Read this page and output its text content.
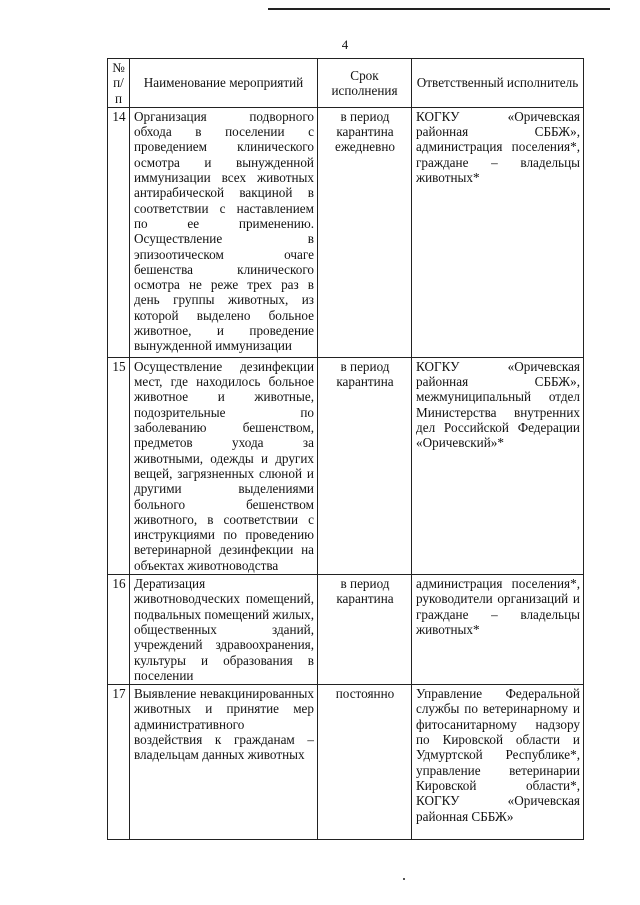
4
№ п/п	Наименование мероприятий	Срок исполнения	Ответственный исполнитель
14	Организация подворного обхода в поселении с проведением клинического осмотра и вынужденной иммунизации всех животных антирабической вакциной в соответствии с наставлением по ее применению. Осуществление в эпизоотическом очаге бешенства клинического осмотра не реже трех раз в день группы животных, из которой выделено больное животное, и проведение вынужденной иммунизации	в период карантина ежедневно	КОГКУ «Оричевская районная СББЖ», администрация поселения*, граждане – владельцы животных*
15	Осуществление дезинфекции мест, где находилось больное животное и животные, подозрительные по заболеванию бешенством, предметов ухода за животными, одежды и других вещей, загрязненных слюной и другими выделениями больного бешенством животного, в соответствии с инструкциями по проведению ветеринарной дезинфекции на объектах животноводства	в период карантина	КОГКУ «Оричевская районная СББЖ», межмуниципальный отдел Министерства внутренних дел Российской Федерации «Оричевский»*
16	Дератизация животноводческих помещений, подвальных помещений жилых, общественных зданий, учреждений здравоохранения, культуры и образования в поселении	в период карантина	администрация поселения*, руководители организаций и граждане – владельцы животных*
17	Выявление невакцинированных животных и принятие мер административного воздействия к гражданам – владельцам данных животных	постоянно	Управление Федеральной службы по ветеринарному и фитосанитарному надзору по Кировской области и Удмуртской Республике*, управление ветеринарии Кировской области*, КОГКУ «Оричевская районная СББЖ»
